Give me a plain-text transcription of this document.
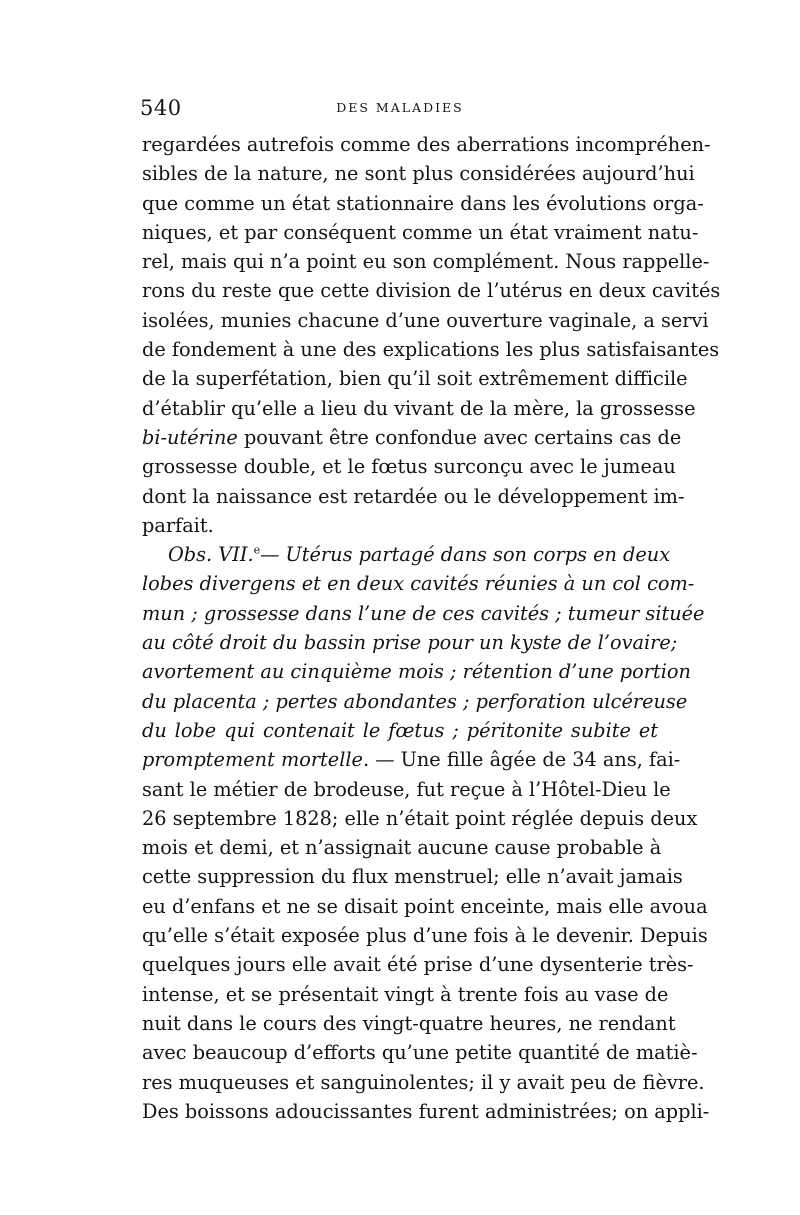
540	DES MALADIES
regardées autrefois comme des aberrations incompréhen-
sibles de la nature, ne sont plus considérées aujourd’hui
que comme un état stationnaire dans les évolutions orga-
niques, et par conséquent comme un état vraiment natu-
rel, mais qui n’a point eu son complément. Nous rappelle-
rons du reste que cette division de l’utérus en deux cavités
isolées, munies chacune d’une ouverture vaginale, a servi
de fondement à une des explications les plus satisfaisantes
de la superfétation, bien qu’il soit extrêmement difficile
d’établir qu’elle a lieu du vivant de la mère, la grossesse
bi-utérine pouvant être confondue avec certains cas de
grossesse double, et le fœtus surconçu avec le jumeau
dont la naissance est retardée ou le développement im-
parfait.
Obs. VII.$^e$— Utérus partagé dans son corps en deux
lobes divergens et en deux cavités réunies à un col com-
mun ; grossesse dans l’une de ces cavités ; tumeur située
au côté droit du bassin prise pour un kyste de l’ovaire;
avortement au cinquième mois ; rétention d’une portion
du placenta ; pertes abondantes ; perforation ulcéreuse
du lobe qui contenait le fœtus ; péritonite subite et
promptement mortelle. — Une fille âgée de 34 ans, fai-
sant le métier de brodeuse, fut reçue à l’Hôtel-Dieu le
26 septembre 1828; elle n’était point réglée depuis deux
mois et demi, et n’assignait aucune cause probable à
cette suppression du flux menstruel; elle n’avait jamais
eu d’enfans et ne se disait point enceinte, mais elle avoua
qu’elle s’était exposée plus d’une fois à le devenir. Depuis
quelques jours elle avait été prise d’une dysenterie très-
intense, et se présentait vingt à trente fois au vase de
nuit dans le cours des vingt-quatre heures, ne rendant
avec beaucoup d’efforts qu’une petite quantité de matiè-
res muqueuses et sanguinolentes; il y avait peu de fièvre.
Des boissons adoucissantes furent administrées; on appli-
